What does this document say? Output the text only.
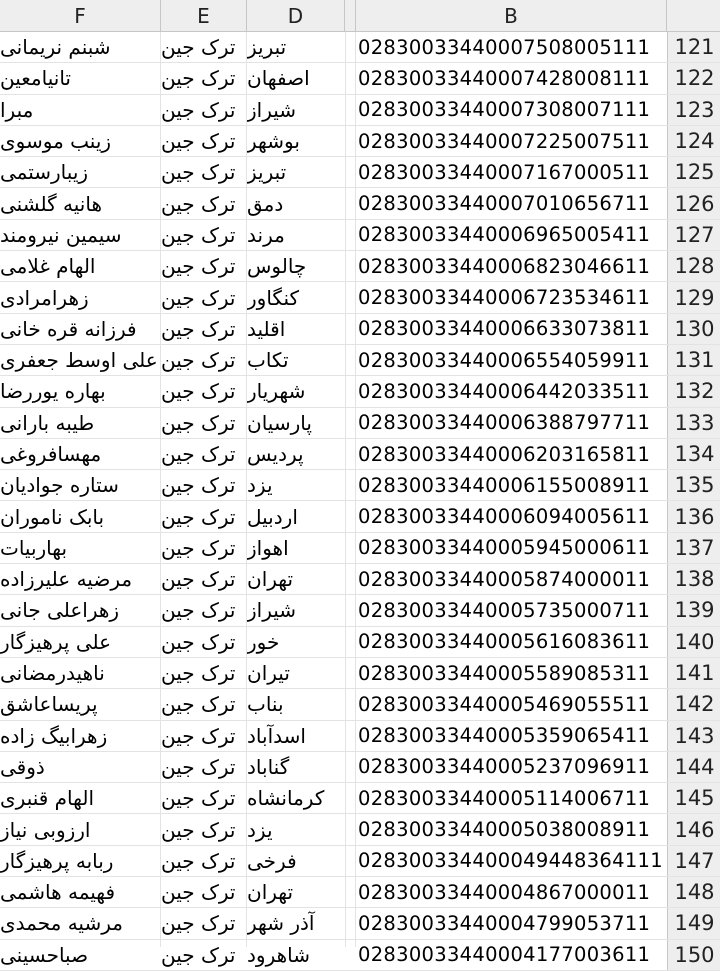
F	E	D	B
شبنم نریمانی	ترک جین تبریز	02830033440007508005111	121
تانیامعین	ترک جین اصفهان	02830033440007428008111	122
مبرا	ترک جین شیراز	02830033440007308007111	123
زینب موسوی	ترک جین بوشهر	02830033440007225007511	124
زیبارستمی	ترک جین تبریز	02830033440007167000511	125
هانیه گلشنی	ترک جین دمق	02830033440007010656711	126
سیمین نیرومند	ترک جین مرند	02830033440006965005411	127
الهام غلامی	ترک جین چالوس	02830033440006823046611	128
زهرامرادی	ترک جین کنگاور	02830033440006723534611	129
فرزانه قره خانی	ترک جین اقلید	02830033440006633073811	130
علی اوسط جعفری ترک جین تکاب	02830033440006554059911	131
بهاره یوررضا	ترک جین شهریار	02830033440006442033511	132
طیبه بارانی	ترک جین پارسیان	02830033440006388797711	133
مهسافروغی	ترک جین پردیس	02830033440006203165811	134
ستاره جوادیان	ترک جین یزد	02830033440006155008911	135
بابک ناموران	ترک جین اردبیل	02830033440006094005611	136
بهاربیات	ترک جین اهواز	02830033440005945000611	137
مرضیه علیرزاده	ترک جین تهران	02830033440005874000011	138
زهراعلی جانی	ترک جین شیراز	02830033440005735000711	139
علی پرهیزگار	ترک جین خور	02830033440005616083611	140
ناهیدرمضانی	ترک جین تیران	02830033440005589085311	141
پریساعاشق	ترک جین بناب	02830033440005469055511	142
زهرابیگ زاده	ترک جین اسدآباد	02830033440005359065411	143
ذوقی	ترک جین گناباد	02830033440005237096911	144
الهام قنبری	ترک جین کرمانشاه	02830033440005114006711	145
ارزوبی نیاز	ترک جین یزد	02830033440005038008911	146
ربابه پرهیزگار	ترک جین فرخی	028300334400049448364111 147
فهیمه هاشمی	ترک جین تهران	02830033440004867000011	148
مرشیه محمدی	ترک جین آذر شهر	02830033440004799053711	149
صباحسینی	ترک جین شاهرود	02830033440004177003611	150
